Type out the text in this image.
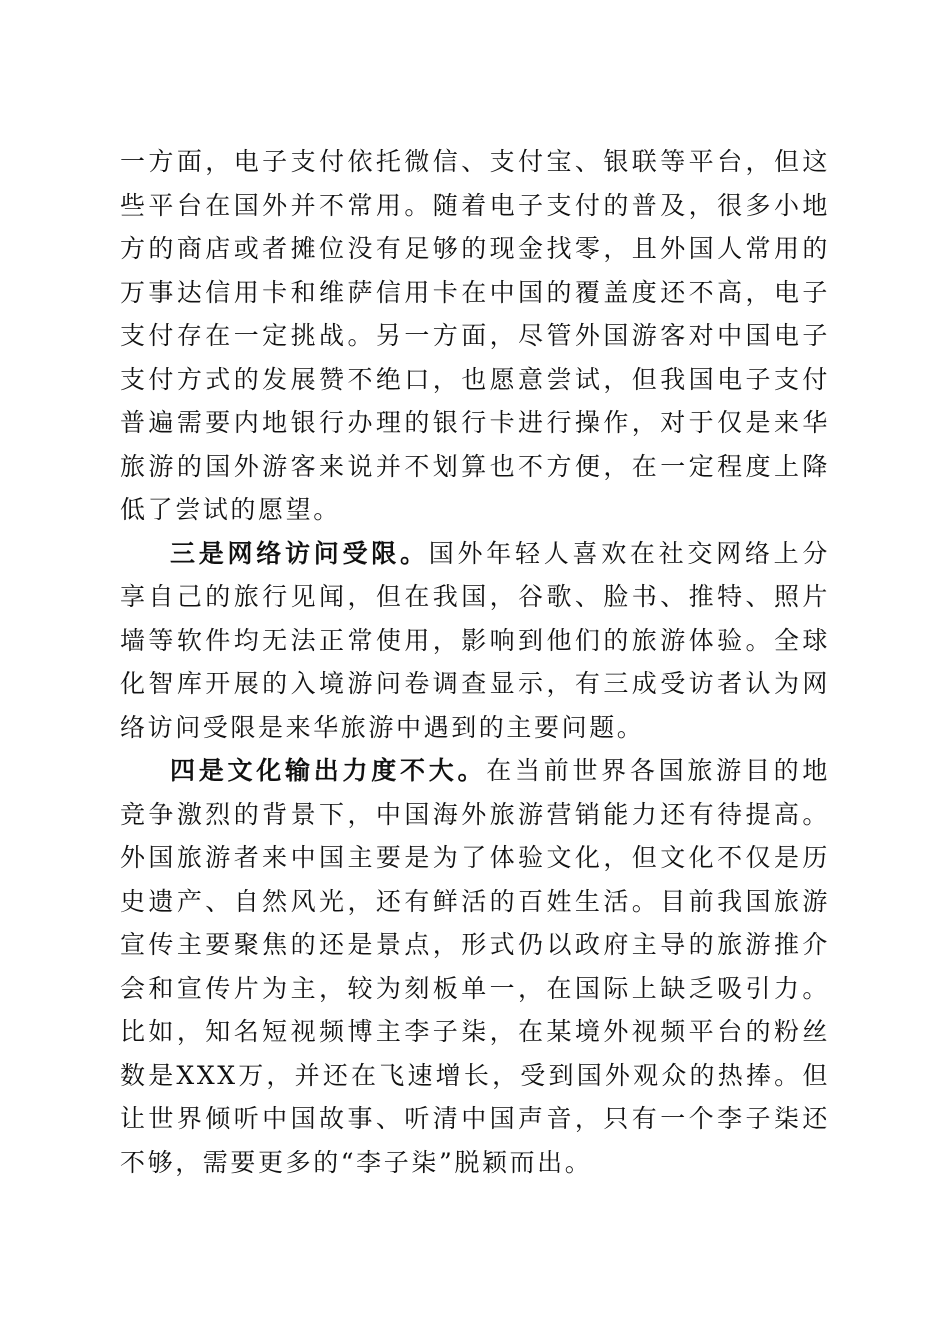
一方面，电子支付依托微信、支付宝、银联等平台，但这些平台在国外并不常用。随着电子支付的普及，很多小地方的商店或者摊位没有足够的现金找零，且外国人常用的万事达信用卡和维萨信用卡在中国的覆盖度还不高，电子支付存在一定挑战。另一方面，尽管外国游客对中国电子支付方式的发展赞不绝口，也愿意尝试，但我国电子支付普遍需要内地银行办理的银行卡进行操作，对于仅是来华旅游的国外游客来说并不划算也不方便，在一定程度上降低了尝试的愿望。

三是网络访问受限。国外年轻人喜欢在社交网络上分享自己的旅行见闻，但在我国，谷歌、脸书、推特、照片墙等软件均无法正常使用，影响到他们的旅游体验。全球化智库开展的入境游问卷调查显示，有三成受访者认为网络访问受限是来华旅游中遇到的主要问题。

四是文化输出力度不大。在当前世界各国旅游目的地竞争激烈的背景下，中国海外旅游营销能力还有待提高。外国旅游者来中国主要是为了体验文化，但文化不仅是历史遗产、自然风光，还有鲜活的百姓生活。目前我国旅游宣传主要聚焦的还是景点，形式仍以政府主导的旅游推介会和宣传片为主，较为刻板单一，在国际上缺乏吸引力。比如，知名短视频博主李子柒，在某境外视频平台的粉丝数是XXX万，并还在飞速增长，受到国外观众的热捧。但让世界倾听中国故事、听清中国声音，只有一个李子柒还不够，需要更多的“李子柒”脱颖而出。
